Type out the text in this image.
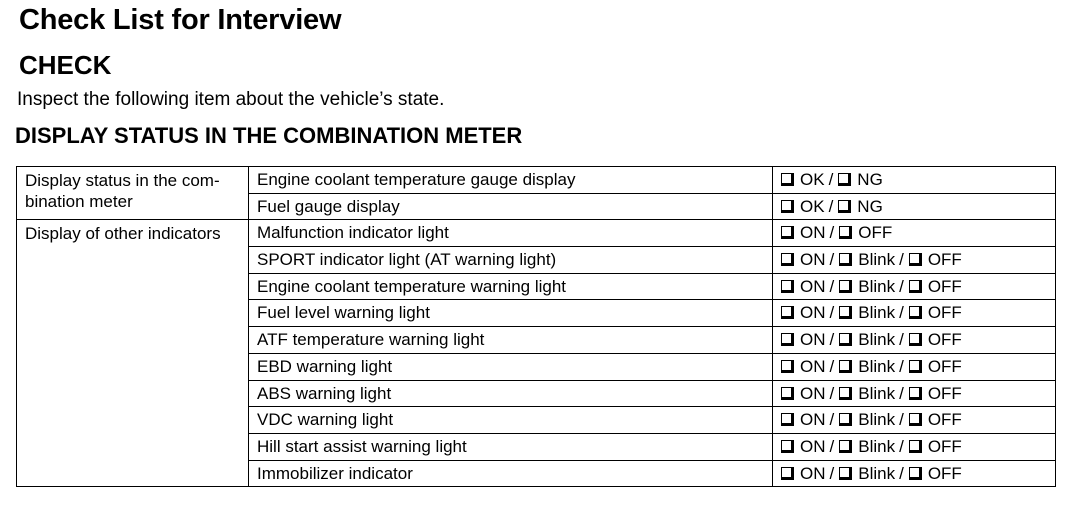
Check List for Interview
CHECK
Inspect the following item about the vehicle’s state.
DISPLAY STATUS IN THE COMBINATION METER
Display status in the com-
bination meter	Engine coolant temperature gauge display	OK / NG
	Fuel gauge display	OK / NG
Display of other indicators	Malfunction indicator light	ON / OFF
	SPORT indicator light (AT warning light)	ON / Blink / OFF
	Engine coolant temperature warning light	ON / Blink / OFF
	Fuel level warning light	ON / Blink / OFF
	ATF temperature warning light	ON / Blink / OFF
	EBD warning light	ON / Blink / OFF
	ABS warning light	ON / Blink / OFF
	VDC warning light	ON / Blink / OFF
	Hill start assist warning light	ON / Blink / OFF
	Immobilizer indicator	ON / Blink / OFF
